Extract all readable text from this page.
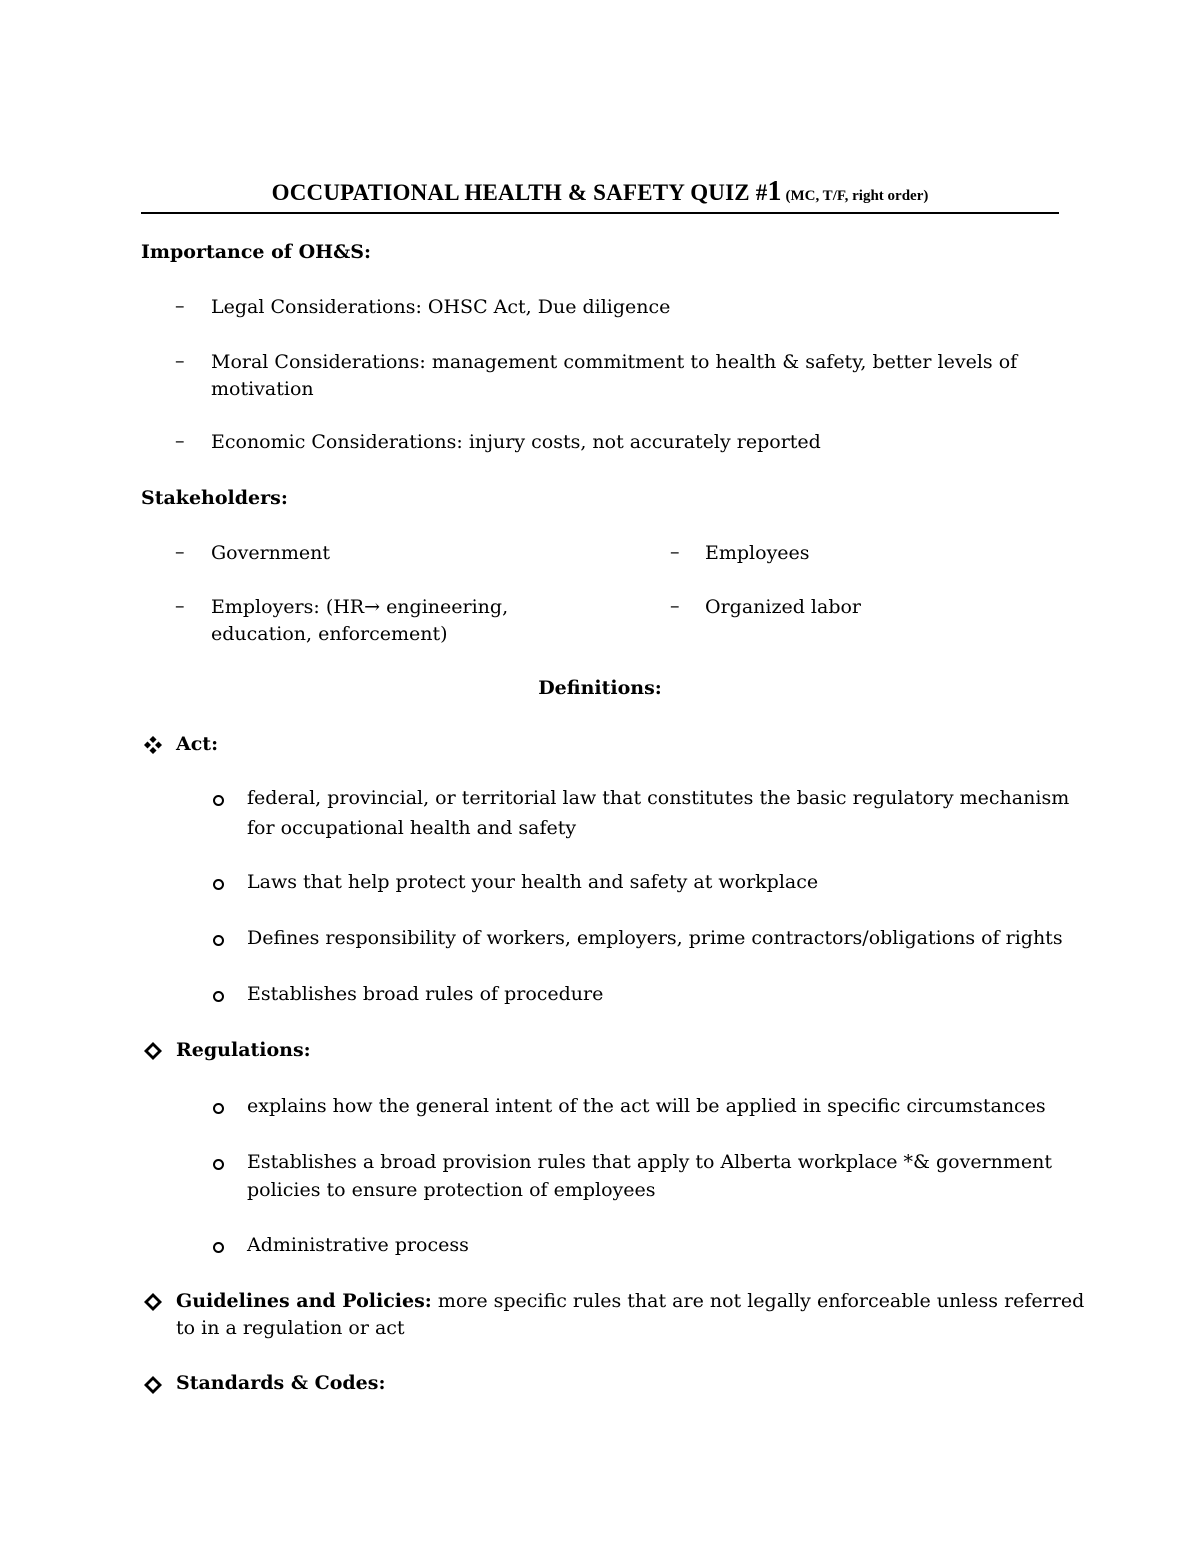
OCCUPATIONAL HEALTH & SAFETY QUIZ #1 (MC, T/F, right order)
Importance of OH&S:
– Legal Considerations: OHSC Act, Due diligence
– Moral Considerations: management commitment to health & safety, better levels of
motivation
– Economic Considerations: injury costs, not accurately reported
Stakeholders:
– Government	– Employees
– Employers: (HR→ engineering,
education, enforcement)
– Organized labor
Definitions:
Act:
federal, provincial, or territorial law that constitutes the basic regulatory mechanism
for occupational health and safety
Laws that help protect your health and safety at workplace
Defines responsibility of workers, employers, prime contractors/obligations of rights
Establishes broad rules of procedure
Regulations:
explains how the general intent of the act will be applied in specific circumstances
Establishes a broad provision rules that apply to Alberta workplace *& government
policies to ensure protection of employees
Administrative process
Guidelines and Policies: more specific rules that are not legally enforceable unless referred
to in a regulation or act
Standards & Codes:
